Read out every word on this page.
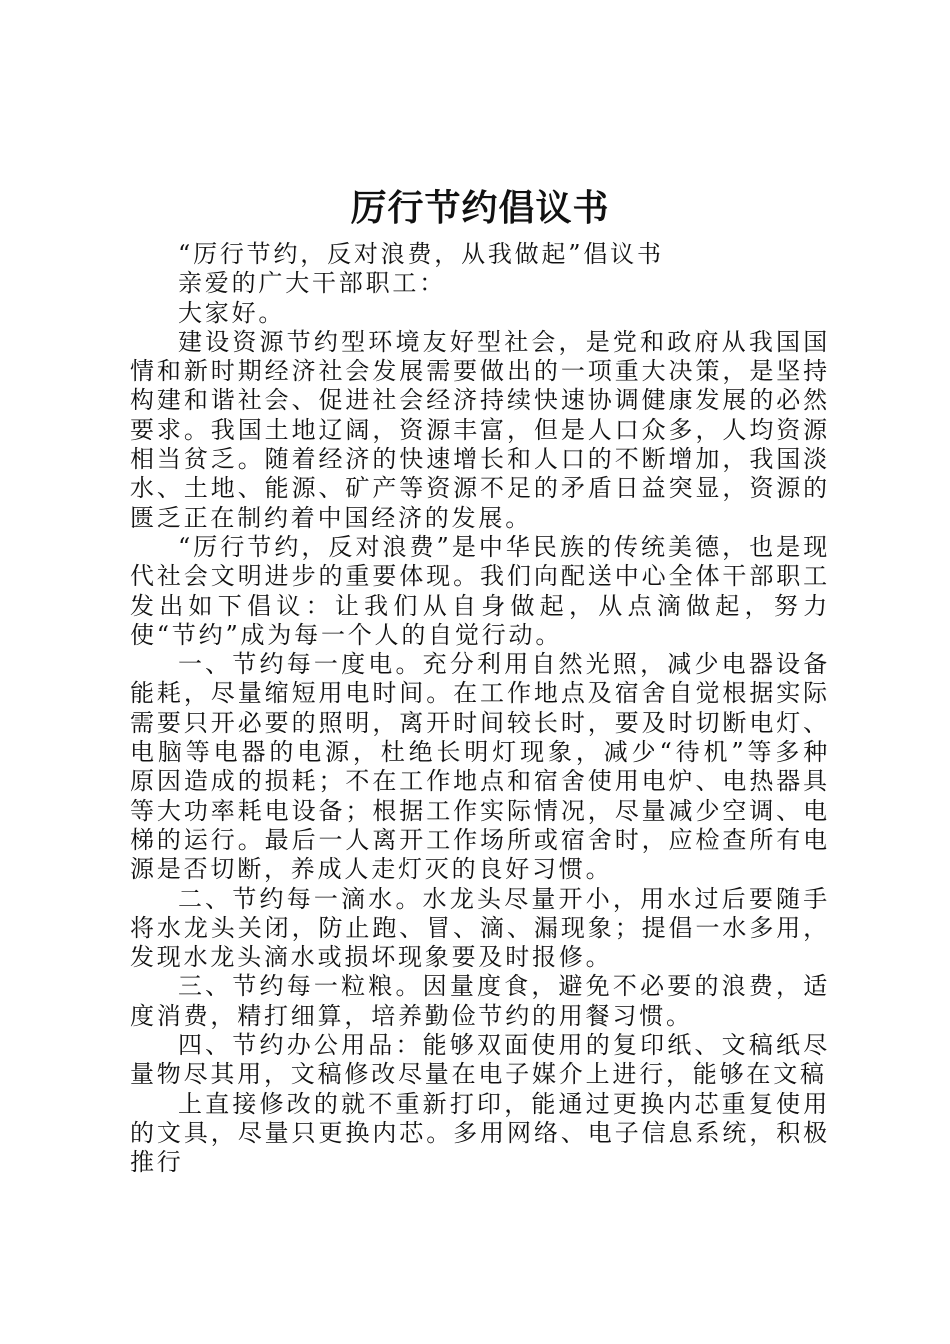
厉行节约倡议书

“厉行节约，反对浪费，从我做起”倡议书

亲爱的广大干部职工：

大家好。

建设资源节约型环境友好型社会，是党和政府从我国国情和新时期经济社会发展需要做出的一项重大决策，是坚持构建和谐社会、促进社会经济持续快速协调健康发展的必然要求。我国土地辽阔，资源丰富，但是人口众多，人均资源相当贫乏。随着经济的快速增长和人口的不断增加，我国淡水、土地、能源、矿产等资源不足的矛盾日益突显，资源的匮乏正在制约着中国经济的发展。

“厉行节约，反对浪费”是中华民族的传统美德，也是现代社会文明进步的重要体现。我们向配送中心全体干部职工发出如下倡议：让我们从自身做起，从点滴做起，努力使“节约”成为每一个人的自觉行动。

一、节约每一度电。充分利用自然光照，减少电器设备能耗，尽量缩短用电时间。在工作地点及宿舍自觉根据实际需要只开必要的照明，离开时间较长时，要及时切断电灯、电脑等电器的电源，杜绝长明灯现象，减少“待机”等多种原因造成的损耗；不在工作地点和宿舍使用电炉、电热器具等大功率耗电设备；根据工作实际情况，尽量减少空调、电梯的运行。最后一人离开工作场所或宿舍时，应检查所有电源是否切断，养成人走灯灭的良好习惯。

二、节约每一滴水。水龙头尽量开小，用水过后要随手将水龙头关闭，防止跑、冒、滴、漏现象；提倡一水多用，发现水龙头滴水或损坏现象要及时报修。

三、节约每一粒粮。因量度食，避免不必要的浪费，适度消费，精打细算，培养勤俭节约的用餐习惯。

四、节约办公用品：能够双面使用的复印纸、文稿纸尽量物尽其用，文稿修改尽量在电子媒介上进行，能够在文稿

上直接修改的就不重新打印，能通过更换内芯重复使用的文具，尽量只更换内芯。多用网络、电子信息系统，积极推行
